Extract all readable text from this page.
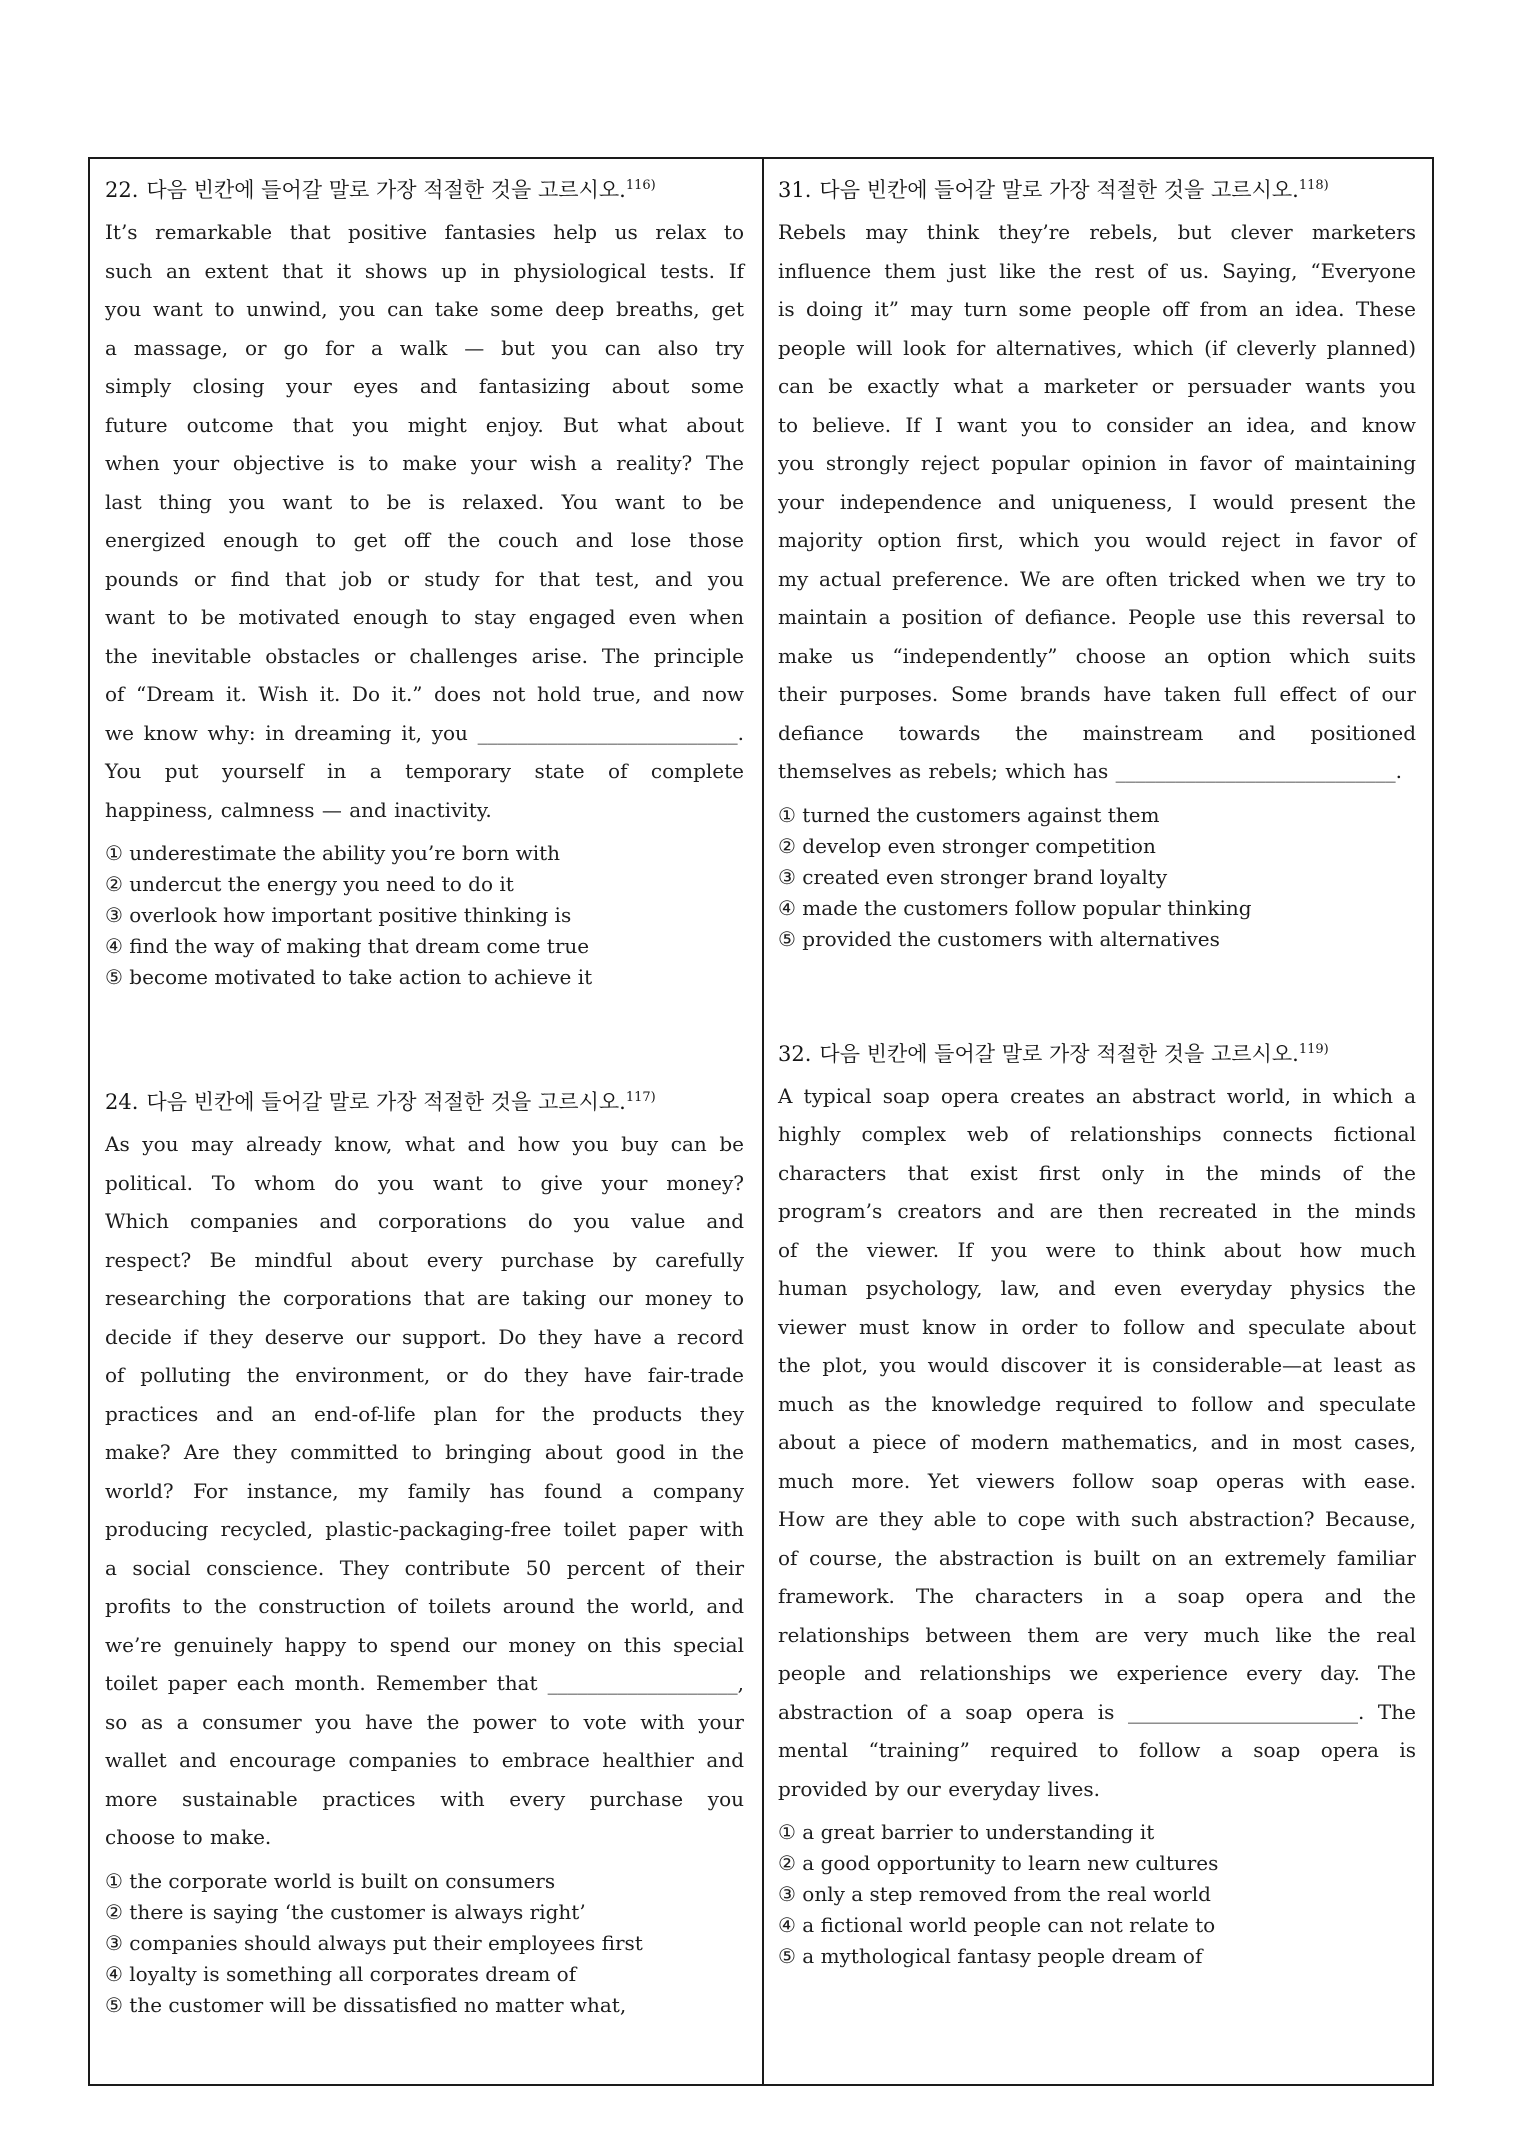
22. 다음 빈칸에 들어갈 말로 가장 적절한 것을 고르시오.$^{116)}$
It’s remarkable that positive fantasies help us relax to
such an extent that it shows up in physiological tests. If
you want to unwind, you can take some deep breaths, get
a massage, or go for a walk — but you can also try
simply closing your eyes and fantasizing about some
future outcome that you might enjoy. But what about
when your objective is to make your wish a reality? The
last thing you want to be is relaxed. You want to be
energized enough to get off the couch and lose those
pounds or find that job or study for that test, and you
want to be motivated enough to stay engaged even when
the inevitable obstacles or challenges arise. The principle
of “Dream it. Wish it. Do it.” does not hold true, and now
we know why: in dreaming it, you __________________________.
You put yourself in a temporary state of complete
happiness, calmness — and inactivity.
① underestimate the ability you’re born with
② undercut the energy you need to do it
③ overlook how important positive thinking is
④ find the way of making that dream come true
⑤ become motivated to take action to achieve it
24. 다음 빈칸에 들어갈 말로 가장 적절한 것을 고르시오.$^{117)}$
As you may already know, what and how you buy can be
political. To whom do you want to give your money?
Which companies and corporations do you value and
respect? Be mindful about every purchase by carefully
researching the corporations that are taking our money to
decide if they deserve our support. Do they have a record
of polluting the environment, or do they have fair-trade
practices and an end-of-life plan for the products they
make? Are they committed to bringing about good in the
world? For instance, my family has found a company
producing recycled, plastic-packaging-free toilet paper with
a social conscience. They contribute 50 percent of their
profits to the construction of toilets around the world, and
we’re genuinely happy to spend our money on this special
toilet paper each month. Remember that ___________________,
so as a consumer you have the power to vote with your
wallet and encourage companies to embrace healthier and
more sustainable practices with every purchase you
choose to make.
① the corporate world is built on consumers
② there is saying ‘the customer is always right’
③ companies should always put their employees first
④ loyalty is something all corporates dream of
⑤ the customer will be dissatisfied no matter what,
31. 다음 빈칸에 들어갈 말로 가장 적절한 것을 고르시오.$^{118)}$
Rebels may think they’re rebels, but clever marketers
influence them just like the rest of us. Saying, “Everyone
is doing it” may turn some people off from an idea. These
people will look for alternatives, which (if cleverly planned)
can be exactly what a marketer or persuader wants you
to believe. If I want you to consider an idea, and know
you strongly reject popular opinion in favor of maintaining
your independence and uniqueness, I would present the
majority option first, which you would reject in favor of
my actual preference. We are often tricked when we try to
maintain a position of defiance. People use this reversal to
make us “independently” choose an option which suits
their purposes. Some brands have taken full effect of our
defiance towards the mainstream and positioned
themselves as rebels; which has ____________________________.
① turned the customers against them
② develop even stronger competition
③ created even stronger brand loyalty
④ made the customers follow popular thinking
⑤ provided the customers with alternatives
32. 다음 빈칸에 들어갈 말로 가장 적절한 것을 고르시오.$^{119)}$
A typical soap opera creates an abstract world, in which a
highly complex web of relationships connects fictional
characters that exist first only in the minds of the
program’s creators and are then recreated in the minds
of the viewer. If you were to think about how much
human psychology, law, and even everyday physics the
viewer must know in order to follow and speculate about
the plot, you would discover it is considerable—at least as
much as the knowledge required to follow and speculate
about a piece of modern mathematics, and in most cases,
much more. Yet viewers follow soap operas with ease.
How are they able to cope with such abstraction? Because,
of course, the abstraction is built on an extremely familiar
framework. The characters in a soap opera and the
relationships between them are very much like the real
people and relationships we experience every day. The
abstraction of a soap opera is _______________________. The
mental “training” required to follow a soap opera is
provided by our everyday lives.
① a great barrier to understanding it
② a good opportunity to learn new cultures
③ only a step removed from the real world
④ a fictional world people can not relate to
⑤ a mythological fantasy people dream of
